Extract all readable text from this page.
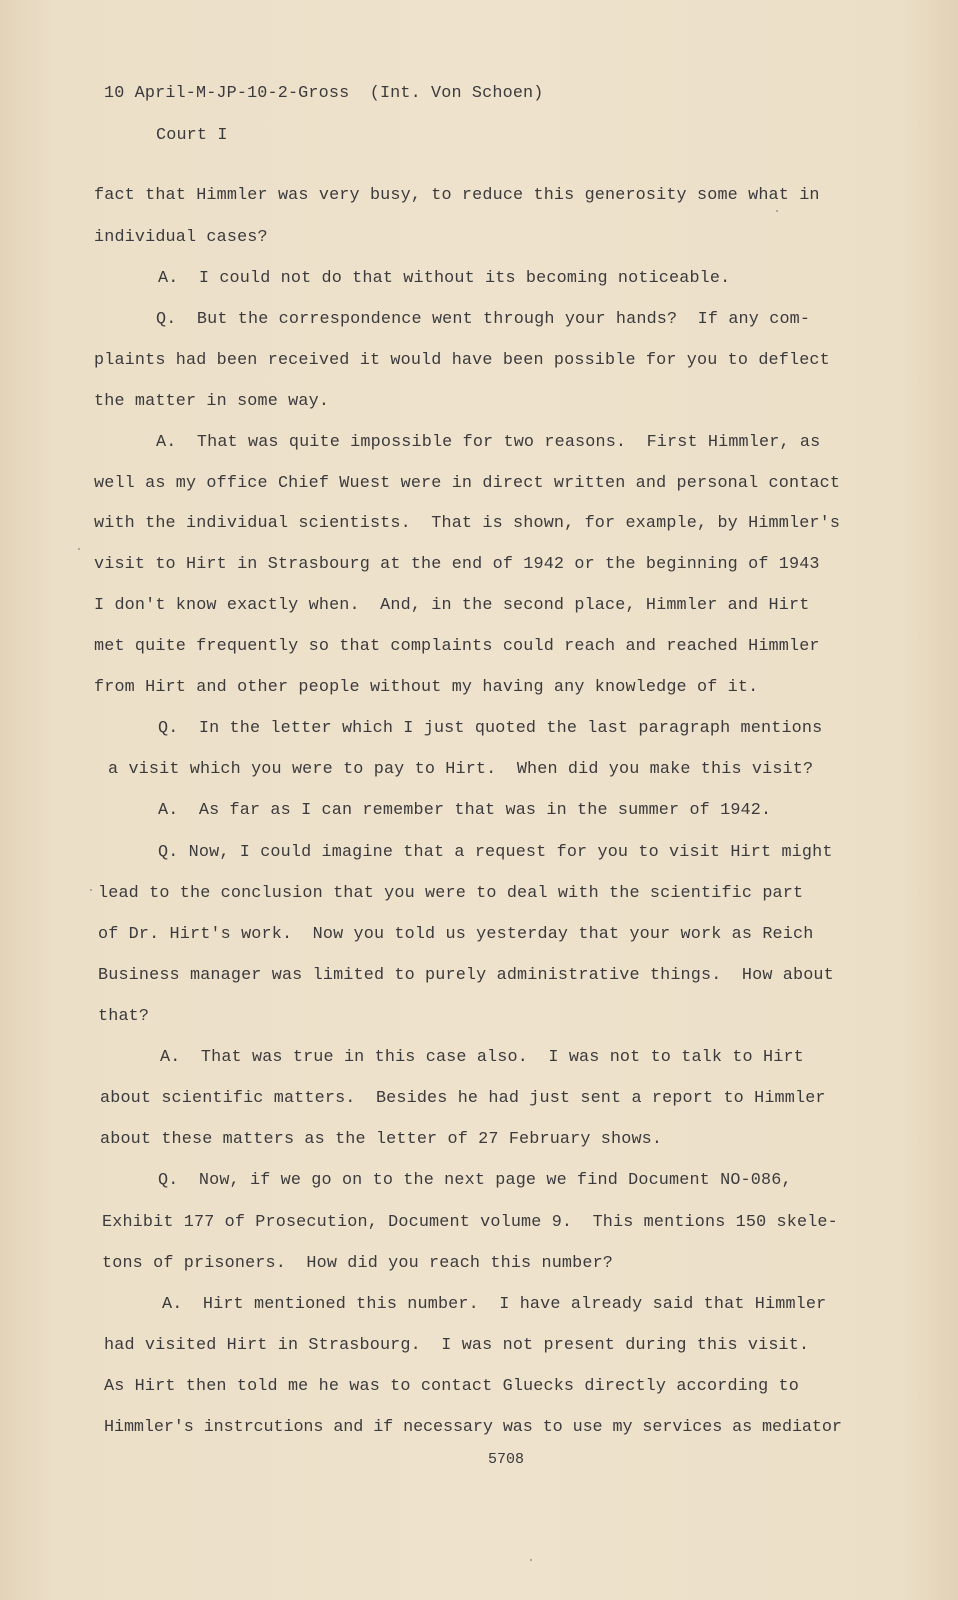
10 April-M-JP-10-2-Gross  (Int. Von Schoen)
Court I
fact that Himmler was very busy, to reduce this generosity some what in
individual cases?
A.  I could not do that without its becoming noticeable.
Q.  But the correspondence went through your hands?  If any com-
plaints had been received it would have been possible for you to deflect
the matter in some way.
A.  That was quite impossible for two reasons.  First Himmler, as
well as my office Chief Wuest were in direct written and personal contact
with the individual scientists.  That is shown, for example, by Himmler's
visit to Hirt in Strasbourg at the end of 1942 or the beginning of 1943
I don't know exactly when.  And, in the second place, Himmler and Hirt
met quite frequently so that complaints could reach and reached Himmler
from Hirt and other people without my having any knowledge of it.
Q.  In the letter which I just quoted the last paragraph mentions
a visit which you were to pay to Hirt.  When did you make this visit?
A.  As far as I can remember that was in the summer of 1942.
Q. Now, I could imagine that a request for you to visit Hirt might
lead to the conclusion that you were to deal with the scientific part
of Dr. Hirt's work.  Now you told us yesterday that your work as Reich
Business manager was limited to purely administrative things.  How about
that?
A.  That was true in this case also.  I was not to talk to Hirt
about scientific matters.  Besides he had just sent a report to Himmler
about these matters as the letter of 27 February shows.
Q.  Now, if we go on to the next page we find Document NO-086,
Exhibit 177 of Prosecution, Document volume 9.  This mentions 150 skele-
tons of prisoners.  How did you reach this number?
A.  Hirt mentioned this number.  I have already said that Himmler
had visited Hirt in Strasbourg.  I was not present during this visit.
As Hirt then told me he was to contact Gluecks directly according to
Himmler's instrcutions and if necessary was to use my services as mediator
5708
